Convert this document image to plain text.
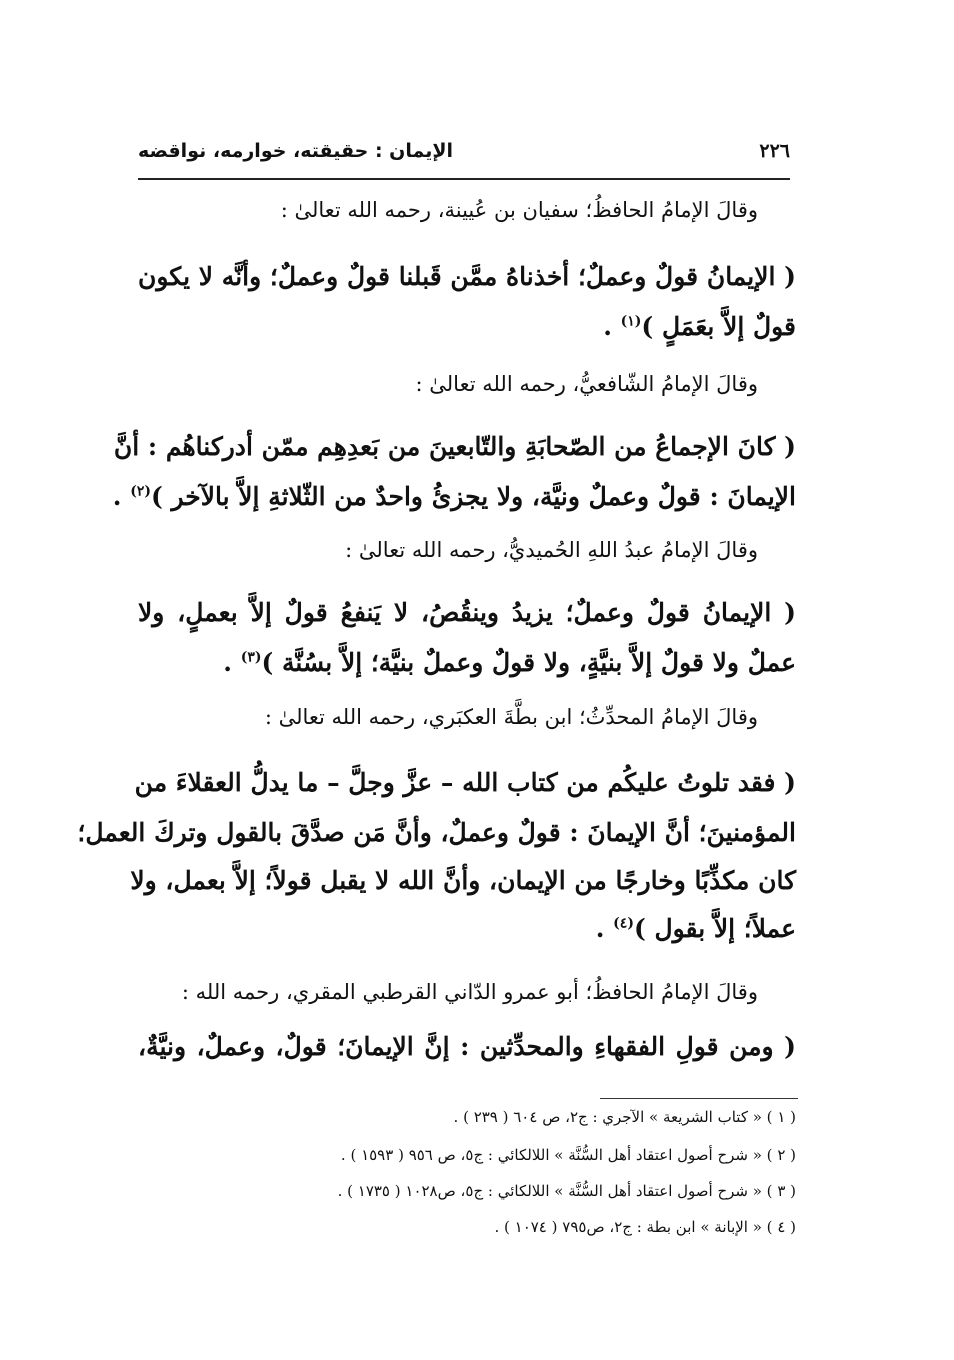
الإيمان : حقيقته، خوارمه، نواقضه	٢٢٦
وقالَ الإمامُ الحافظُ؛ سفيان بن عُيينة، رحمه الله تعالىٰ :
( الإيمانُ قولٌ وعملٌ؛ أخذناهُ ممَّن قَبلنا قولٌ وعملٌ؛ وأنَّه لا يكون
قولٌ إلاَّ بعَمَلٍ )$^{(١)}$ .
وقالَ الإمامُ الشّافعيُّ، رحمه الله تعالىٰ :
( كانَ الإجماعُ من الصّحابَةِ والتّابعينَ من بَعدِهِم ممّن أدركناهُم : أنَّ
الإيمانَ : قولٌ وعملٌ ونيَّة، ولا يجزئُ واحدٌ من الثّلاثةِ إلاَّ بالآخر )$^{(٢)}$ .
وقالَ الإمامُ عبدُ اللهِ الحُميديُّ، رحمه الله تعالىٰ :
( الإيمانُ قولٌ وعملٌ؛ يزيدُ وينقُصُ، لا يَنفعُ قولٌ إلاَّ بعملٍ، ولا
عملٌ ولا قولٌ إلاَّ بنيَّةٍ، ولا قولٌ وعملٌ بنيَّة؛ إلاَّ بسُنَّة )$^{(٣)}$ .
وقالَ الإمامُ المحدِّثُ؛ ابن بطَّةَ العكبَري، رحمه الله تعالىٰ :
( فقد تلوتُ عليكُم من كتاب الله – عزَّ وجلَّ – ما يدلُّ العقلاءَ من
المؤمنينَ؛ أنَّ الإيمانَ : قولٌ وعملٌ، وأنَّ مَن صدَّقَ بالقول وتركَ العمل؛
كان مكذِّبًا وخارجًا من الإيمان، وأنَّ الله لا يقبل قولاً؛ إلاَّ بعمل، ولا
عملاً؛ إلاَّ بقول )$^{(٤)}$ .
وقالَ الإمامُ الحافظُ؛ أبو عمرو الدّاني القرطبي المقري، رحمه الله :
( ومن قولِ الفقهاءِ والمحدِّثين : إنَّ الإيمانَ؛ قولٌ، وعملٌ، ونيَّةٌ،
( ١ ) « كتاب الشريعة » الآجري : ج٢، ص ٦٠٤ ( ٢٣٩ ) .
( ٢ ) « شرح أصول اعتقاد أهل السُّنَّة » اللالكائي : ج٥، ص ٩٥٦ ( ١٥٩٣ ) .
( ٣ ) « شرح أصول اعتقاد أهل السُّنَّة » اللالكائي : ج٥، ص١٠٢٨ ( ١٧٣٥ ) .
( ٤ ) « الإبانة » ابن بطة : ج٢، ص٧٩٥ ( ١٠٧٤ ) .
